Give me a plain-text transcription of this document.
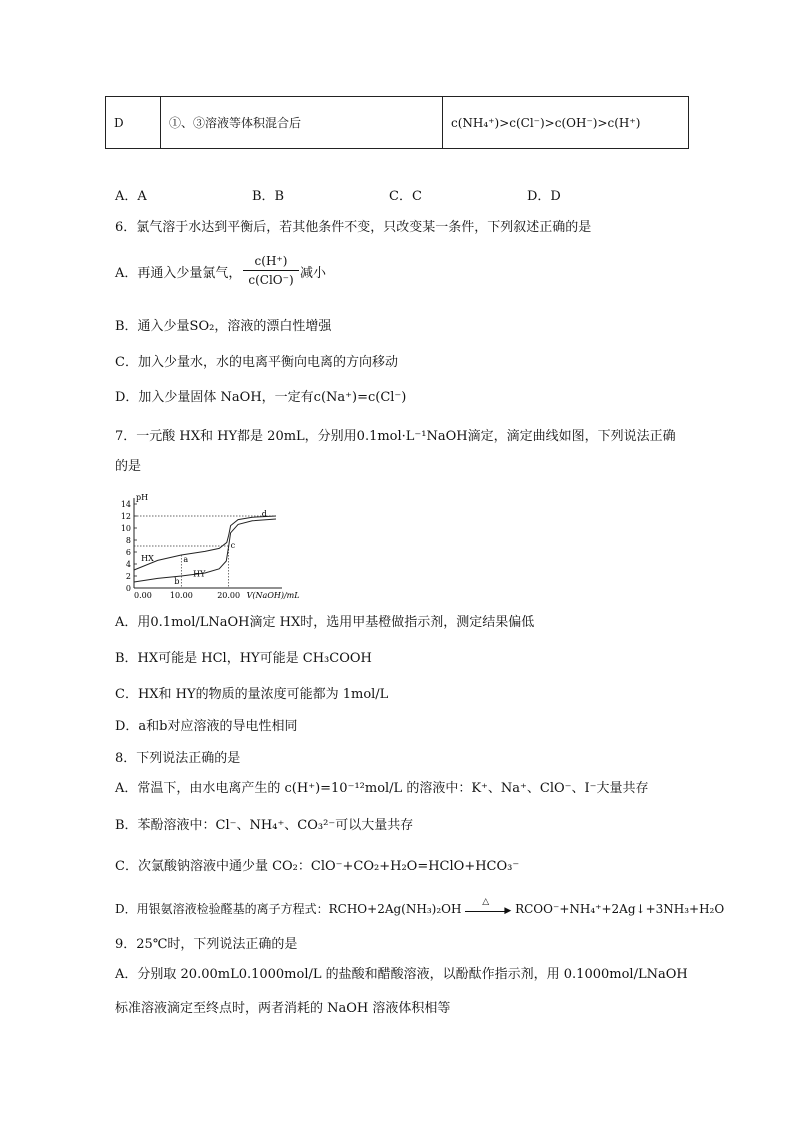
D	①、③溶液等体积混合后	c(NH₄⁺)>c(Cl⁻)>c(OH⁻)>c(H⁺)
A．A	B．B	C．C	D．D
6．氯气溶于水达到平衡后，若其他条件不变，只改变某一条件，下列叙述正确的是
A．再通入少量氯气，
c(H⁺)
c(ClO⁻) 减小
B．通入少量SO₂，溶液的漂白性增强
C．加入少量水，水的电离平衡向电离的方向移动
D．加入少量固体 NaOH，一定有c(Na⁺)=c(Cl⁻)
7．一元酸 HX和 HY都是 20mL，分别用0.1mol·L⁻¹NaOH滴定，滴定曲线如图，下列说法正确
的是
pH
0
2
4
6
8
10
12
14
0.00 10.00	20.00 V(NaOH)/mL
HX
HY
a
b
c
d
A．用0.1mol/LNaOH滴定 HX时，选用甲基橙做指示剂，测定结果偏低
B．HX可能是 HCl，HY可能是 CH₃COOH
C．HX和 HY的物质的量浓度可能都为 1mol/L
D．a和b对应溶液的导电性相同
8．下列说法正确的是
A．常温下，由水电离产生的 c(H⁺)=10⁻¹²mol/L 的溶液中：K⁺、Na⁺、ClO⁻、I⁻大量共存
B．苯酚溶液中：Cl⁻、NH₄⁺、CO₃²⁻可以大量共存
C．次氯酸钠溶液中通少量 CO₂：ClO⁻+CO₂+H₂O=HClO+HCO₃⁻
D．用银氨溶液检验醛基的离子方程式：RCHO+2Ag(NH₃)₂OH	▶
△
RCOO⁻+NH₄⁺+2Ag↓+3NH₃+H₂O
9．25℃时，下列说法正确的是
A．分别取 20.00mL0.1000mol/L 的盐酸和醋酸溶液，以酚酞作指示剂，用 0.1000mol/LNaOH
标准溶液滴定至终点时，两者消耗的 NaOH 溶液体积相等
